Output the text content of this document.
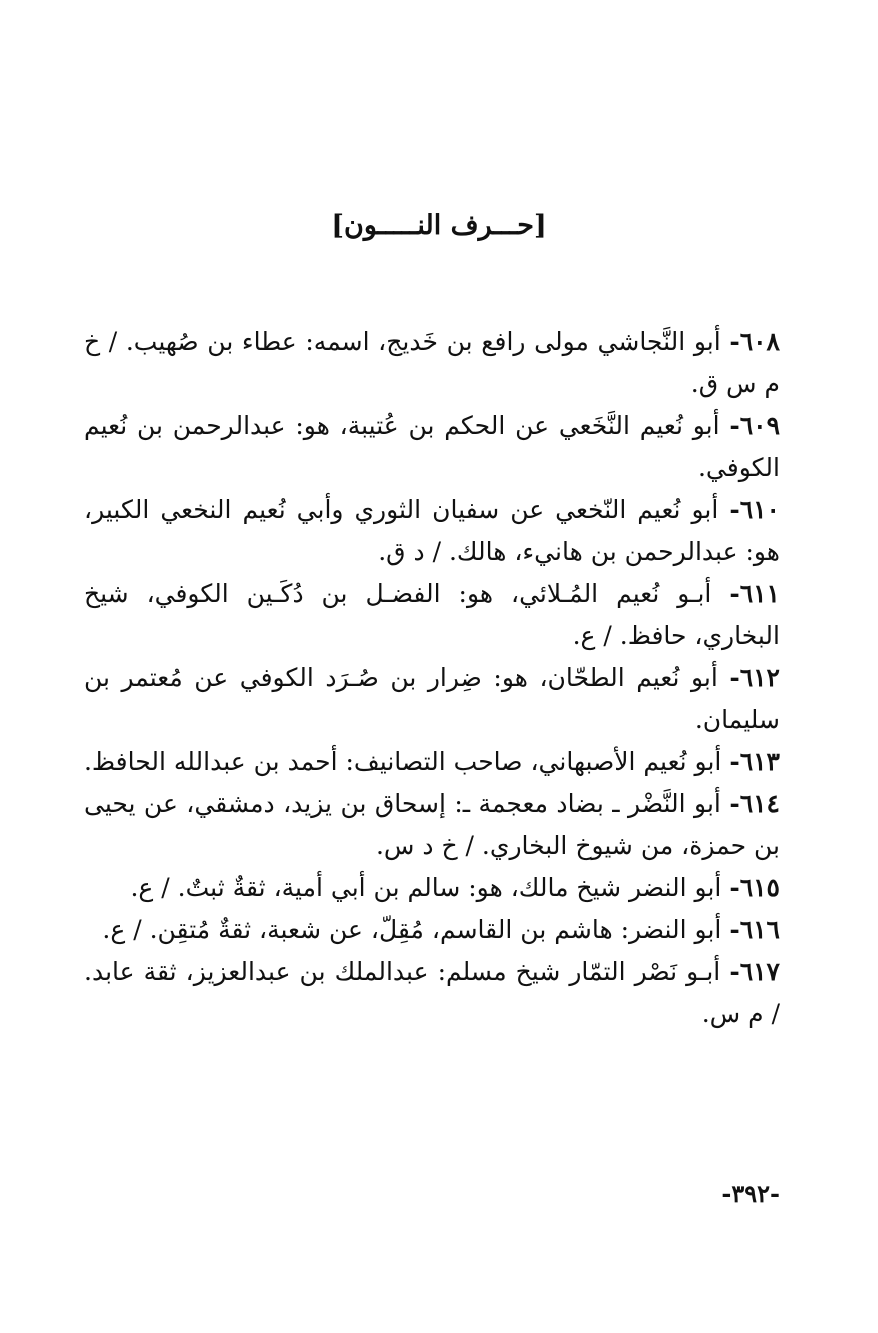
[حـــرف النـــــون]

٦٠٨- أبو النَّجاشي مولى رافع بن خَديج، اسمه: عطاء بن صُهيب. / خ م س ق.

٦٠٩- أبو نُعيم النَّخَعي عن الحكم بن عُتيبة، هو: عبدالرحمن بن نُعيم الكوفي.

٦١٠- أبو نُعيم النّخعي عن سفيان الثوري وأبي نُعيم النخعي الكبير، هو: عبدالرحمن بن هانيء، هالك. / د ق.

٦١١- أبـو نُعيم المُـلائي، هو: الفضـل بن دُكَـين الكوفي، شيخ البخاري، حافظ. / ع.

٦١٢- أبو نُعيم الطحّان، هو: ضِرار بن صُـرَد الكوفي عن مُعتمر بن سليمان.

٦١٣- أبو نُعيم الأصبهاني، صاحب التصانيف: أحمد بن عبدالله الحافظ.

٦١٤- أبو النَّضْر ـ بضاد معجمة ـ: إسحاق بن يزيد، دمشقي، عن يحيى بن حمزة، من شيوخ البخاري. / خ د س.

٦١٥- أبو النضر شيخ مالك، هو: سالم بن أبي أمية، ثقةٌ ثبتٌ. / ع.

٦١٦- أبو النضر: هاشم بن القاسم، مُقِلّ، عن شعبة، ثقةٌ مُتقِن. / ع.

٦١٧- أبـو نَصْر التمّار شيخ مسلم: عبدالملك بن عبدالعزيز، ثقة عابد. / م س.

-٣٩٢-
